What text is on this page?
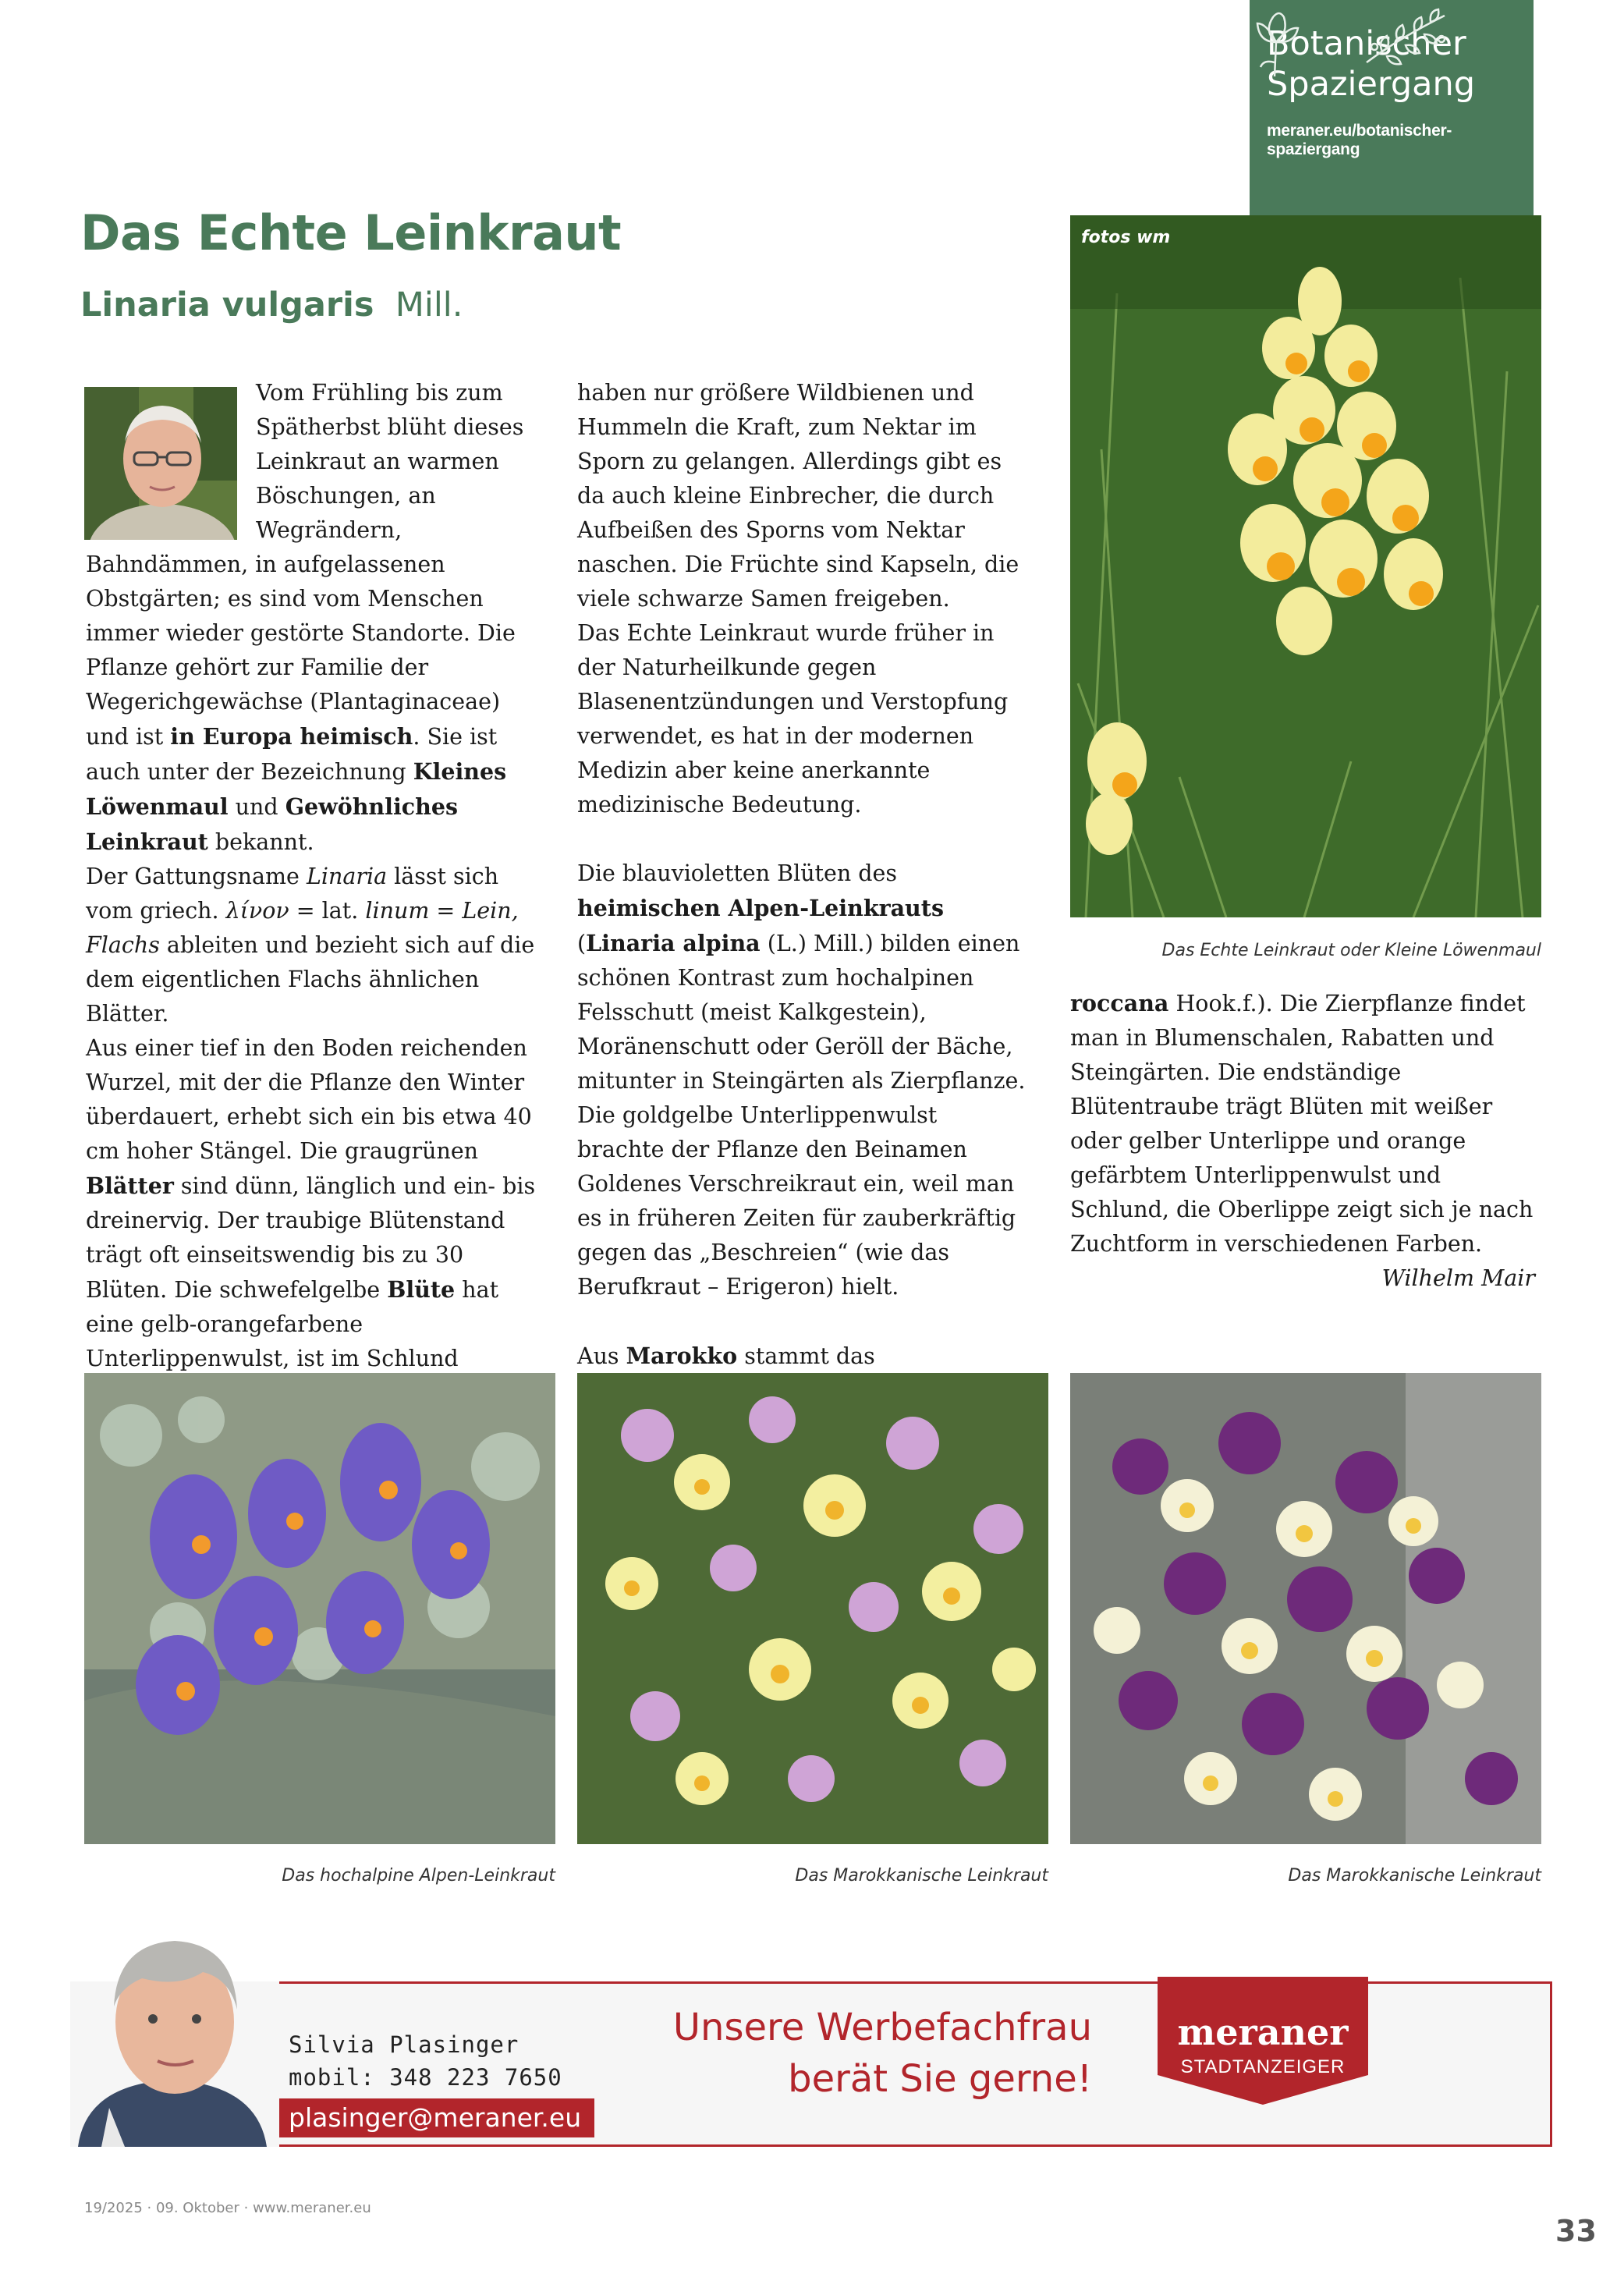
Botanischer
Spaziergang
meraner.eu/botanischer-spaziergang
Das Echte Leinkraut
Linaria vulgaris Mill.

Vom Frühling bis zum Spätherbst blüht dieses Leinkraut an warmen Böschungen, an Wegrändern, Bahndämmen, in aufgelassenen Obstgärten; es sind vom Menschen immer wieder gestörte Standorte. Die Pflanze gehört zur Familie der Wegerichgewächse (Plantaginaceae) und ist in Europa heimisch. Sie ist auch unter der Bezeichnung Kleines Löwenmaul und Gewöhnliches Leinkraut bekannt.

Der Gattungsname Linaria lässt sich vom griech. λίνον = lat. linum = Lein, Flachs ableiten und bezieht sich auf die dem eigentlichen Flachs ähnlichen Blätter.

Aus einer tief in den Boden reichenden Wurzel, mit der die Pflanze den Winter überdauert, erhebt sich ein bis etwa 40 cm hoher Stängel. Die graugrünen Blätter sind dünn, länglich und ein- bis dreinervig. Der traubige Blütenstand trägt oft einseitswendig bis zu 30 Blüten. Die schwefelgelbe Blüte hat eine gelb-orangefarbene Unterlippenwulst, ist im Schlund

haben nur größere Wildbienen und Hummeln die Kraft, zum Nektar im Sporn zu gelangen. Allerdings gibt es da auch kleine Einbrecher, die durch Aufbeißen des Sporns vom Nektar naschen. Die Früchte sind Kapseln, die viele schwarze Samen freigeben.

Das Echte Leinkraut wurde früher in der Naturheilkunde gegen Blasenentzündungen und Verstopfung verwendet, es hat in der modernen Medizin aber keine anerkannte medizinische Bedeutung.

Die blauvioletten Blüten des heimischen Alpen-Leinkrauts (Linaria alpina (L.) Mill.) bilden einen schönen Kontrast zum hochalpinen Felsschutt (meist Kalkgestein), Moränenschutt oder Geröll der Bäche, mitunter in Steingärten als Zierpflanze. Die goldgelbe Unterlippenwulst brachte der Pflanze den Beinamen Goldenes Verschreikraut ein, weil man es in früheren Zeiten für zauberkräftig gegen das „Beschreien“ (wie das Berufkraut – Erigeron) hielt.

Aus Marokko stammt das

fotos wm
Das Echte Leinkraut oder Kleine Löwenmaul

roccana Hook.f.). Die Zierpflanze findet man in Blumenschalen, Rabatten und Steingärten. Die endständige Blütentraube trägt Blüten mit weißer oder gelber Unterlippe und orange gefärbtem Unterlippenwulst und Schlund, die Oberlippe zeigt sich je nach Zuchtform in verschiedenen Farben.

Wilhelm Mair

Das hochalpine Alpen-Leinkraut	Das Marokkanische Leinkraut	Das Marokkanische Leinkraut
Silvia Plasinger
mobil: 348 223 7650
plasinger@meraner.eu
Unsere Werbefachfrau
berät Sie gerne!
meraner
STADTANZEIGER
19/2025 · 09. Oktober · www.meraner.eu
33
